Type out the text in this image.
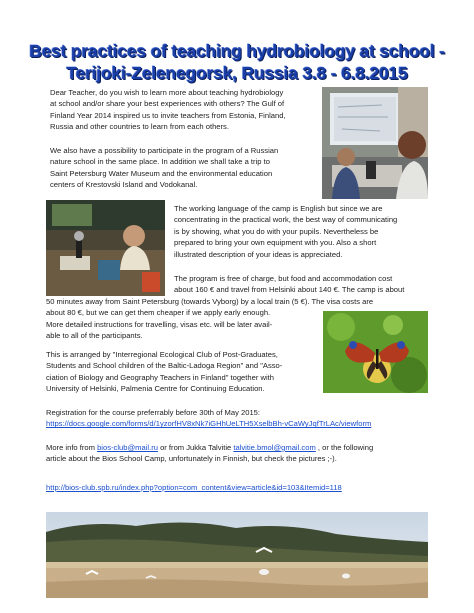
Best practices of teaching hydrobiology at school -
Terijoki-Zelenegorsk, Russia 3.8 - 6.8.2015
Dear Teacher, do you wish to learn more about teaching hydrobiology
at school and/or share your best experiences with others? The Gulf of
Finland Year 2014 inspired us to invite teachers from Estonia, Finland,
Russia and other countries to learn from each others.
We also have a possibility to participate in the program of a Russian
nature school in the same place. In addition we shall take a trip to
Saint Petersburg Water Museum and the environmental education
centers of Krestovski Island and Vodokanal.
The working language of the camp is English but since we are
concentrating in the practical work, the best way of communicating
is by showing, what you do with your pupils. Nevertheless be
prepared to bring your own equipment with you. Also a short
illustrated description of your ideas is appreciated.
The program is free of charge, but food and accommodation cost
about 160 € and travel from Helsinki about 140 €. The camp is about
50 minutes away from Saint Petersburg (towards Vyborg) by a local train (5 €). The visa costs are
about 80 €, but we can get them cheaper if we apply early enough.
More detailed instructions for travelling, visas etc. will be later avail-
able to all of the participants.
This is arranged by "Interregional Ecological Club of Post-Graduates,
Students and School children of the Baltic-Ladoga Region" and "Asso-
ciation of Biology and Geography Teachers in Finland" together with
University of Helsinki, Palmenia Centre for Continuing Education.
Registration for the course preferrably before 30th of May 2015:
https://docs.google.com/forms/d/1yzorfHV8xNk7iGHhUeLTH5XselbBh-vCaWyJqfTrLAc/viewform
More info from bios-club@mail.ru or from Jukka Talvitie talvitie.bmol@gmail.com , or the following
article about the Bios School Camp, unfortunately in Finnish, but check the pictures ;-).
http://bios-club.spb.ru/index.php?option=com_content&view=article&id=103&Itemid=118
